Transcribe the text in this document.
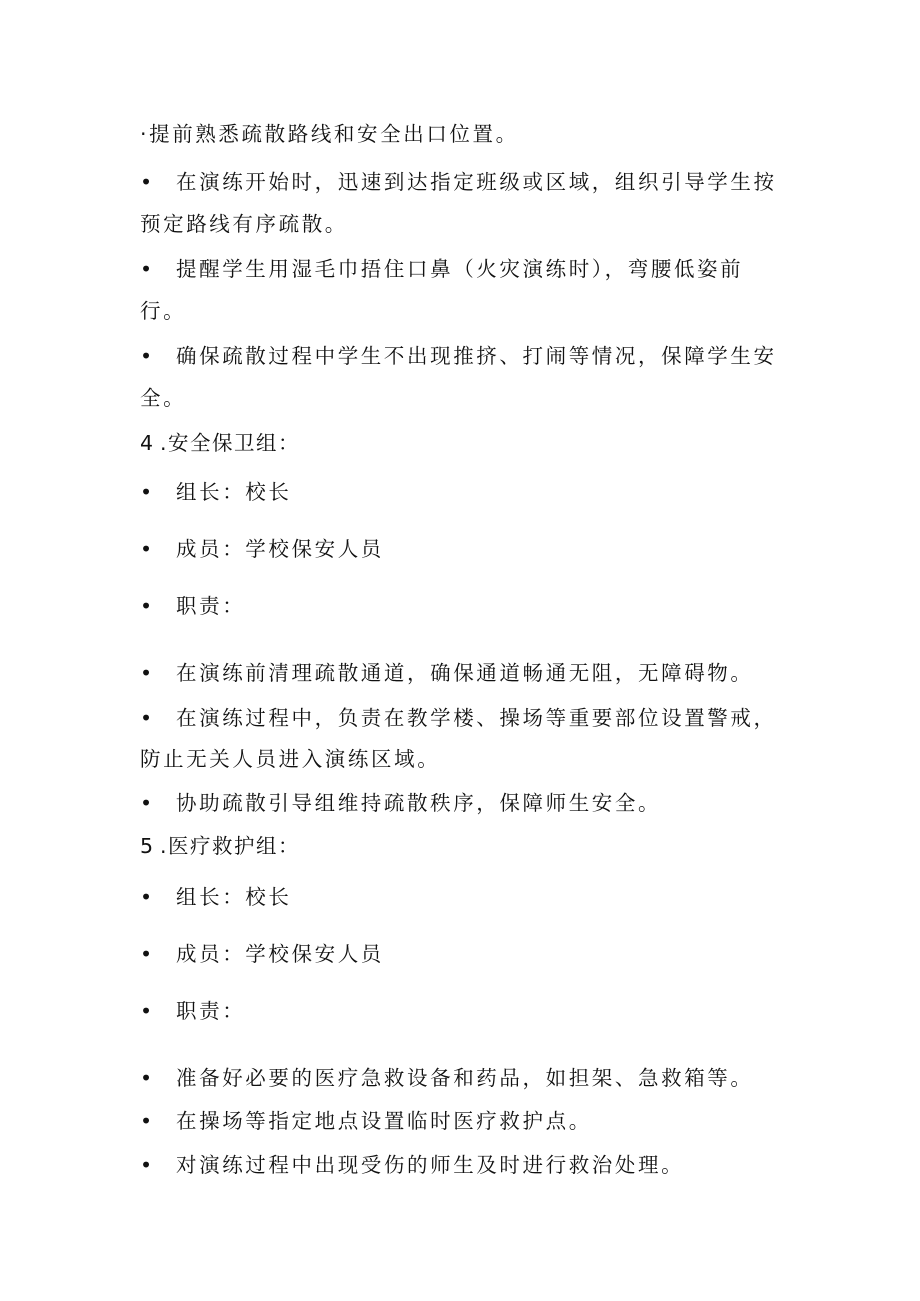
·提前熟悉疏散路线和安全出口位置。
•	在演练开始时，迅速到达指定班级或区域，组织引导学生按
预定路线有序疏散。
•	提醒学生用湿毛巾捂住口鼻（火灾演练时），弯腰低姿前
行。
•	确保疏散过程中学生不出现推挤、打闹等情况，保障学生安
全。
4 .安全保卫组：
•	组长：校长
•	成员：学校保安人员
•	职责：
•	在演练前清理疏散通道，确保通道畅通无阻，无障碍物。
•	在演练过程中，负责在教学楼、操场等重要部位设置警戒，
防止无关人员进入演练区域。
•	协助疏散引导组维持疏散秩序，保障师生安全。
5 .医疗救护组：
•	组长：校长
•	成员：学校保安人员
•	职责：
•	准备好必要的医疗急救设备和药品，如担架、急救箱等。
•	在操场等指定地点设置临时医疗救护点。
•	对演练过程中出现受伤的师生及时进行救治处理。
